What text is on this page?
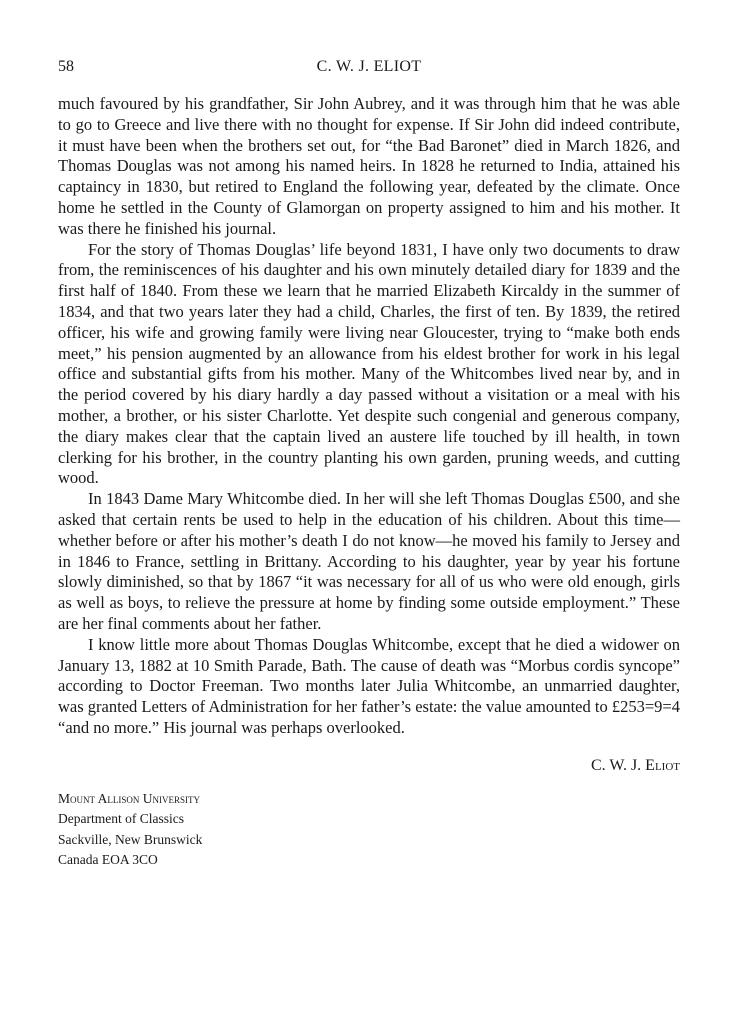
58	C. W. J. ELIOT

much favoured by his grandfather, Sir John Aubrey, and it was through him that he was able to go to Greece and live there with no thought for expense. If Sir John did indeed contribute, it must have been when the brothers set out, for “the Bad Baronet” died in March 1826, and Thomas Douglas was not among his named heirs. In 1828 he returned to India, attained his captaincy in 1830, but retired to England the following year, defeated by the climate. Once home he settled in the County of Glamorgan on property assigned to him and his mother. It was there he finished his journal.

For the story of Thomas Douglas’ life beyond 1831, I have only two documents to draw from, the reminiscences of his daughter and his own minutely detailed diary for 1839 and the first half of 1840. From these we learn that he married Elizabeth Kircaldy in the summer of 1834, and that two years later they had a child, Charles, the first of ten. By 1839, the retired officer, his wife and growing family were living near Gloucester, trying to “make both ends meet,” his pension augmented by an allowance from his eldest brother for work in his legal office and substantial gifts from his mother. Many of the Whitcombes lived near by, and in the period covered by his diary hardly a day passed without a visitation or a meal with his mother, a brother, or his sister Charlotte. Yet despite such congenial and generous company, the diary makes clear that the captain lived an austere life touched by ill health, in town clerking for his brother, in the country planting his own garden, pruning weeds, and cutting wood.

In 1843 Dame Mary Whitcombe died. In her will she left Thomas Douglas £500, and she asked that certain rents be used to help in the education of his children. About this time—whether before or after his mother’s death I do not know—he moved his family to Jersey and in 1846 to France, settling in Brittany. According to his daughter, year by year his fortune slowly diminished, so that by 1867 “it was necessary for all of us who were old enough, girls as well as boys, to relieve the pressure at home by finding some outside employment.” These are her final comments about her father.

I know little more about Thomas Douglas Whitcombe, except that he died a widower on January 13, 1882 at 10 Smith Parade, Bath. The cause of death was “Morbus cordis syncope” according to Doctor Freeman. Two months later Julia Whitcombe, an unmarried daughter, was granted Letters of Administration for her father’s estate: the value amounted to £253=9=4 “and no more.” His journal was perhaps overlooked.

C. W. J. Eliot
Mount Allison University
Department of Classics
Sackville, New Brunswick
Canada EOA 3CO
